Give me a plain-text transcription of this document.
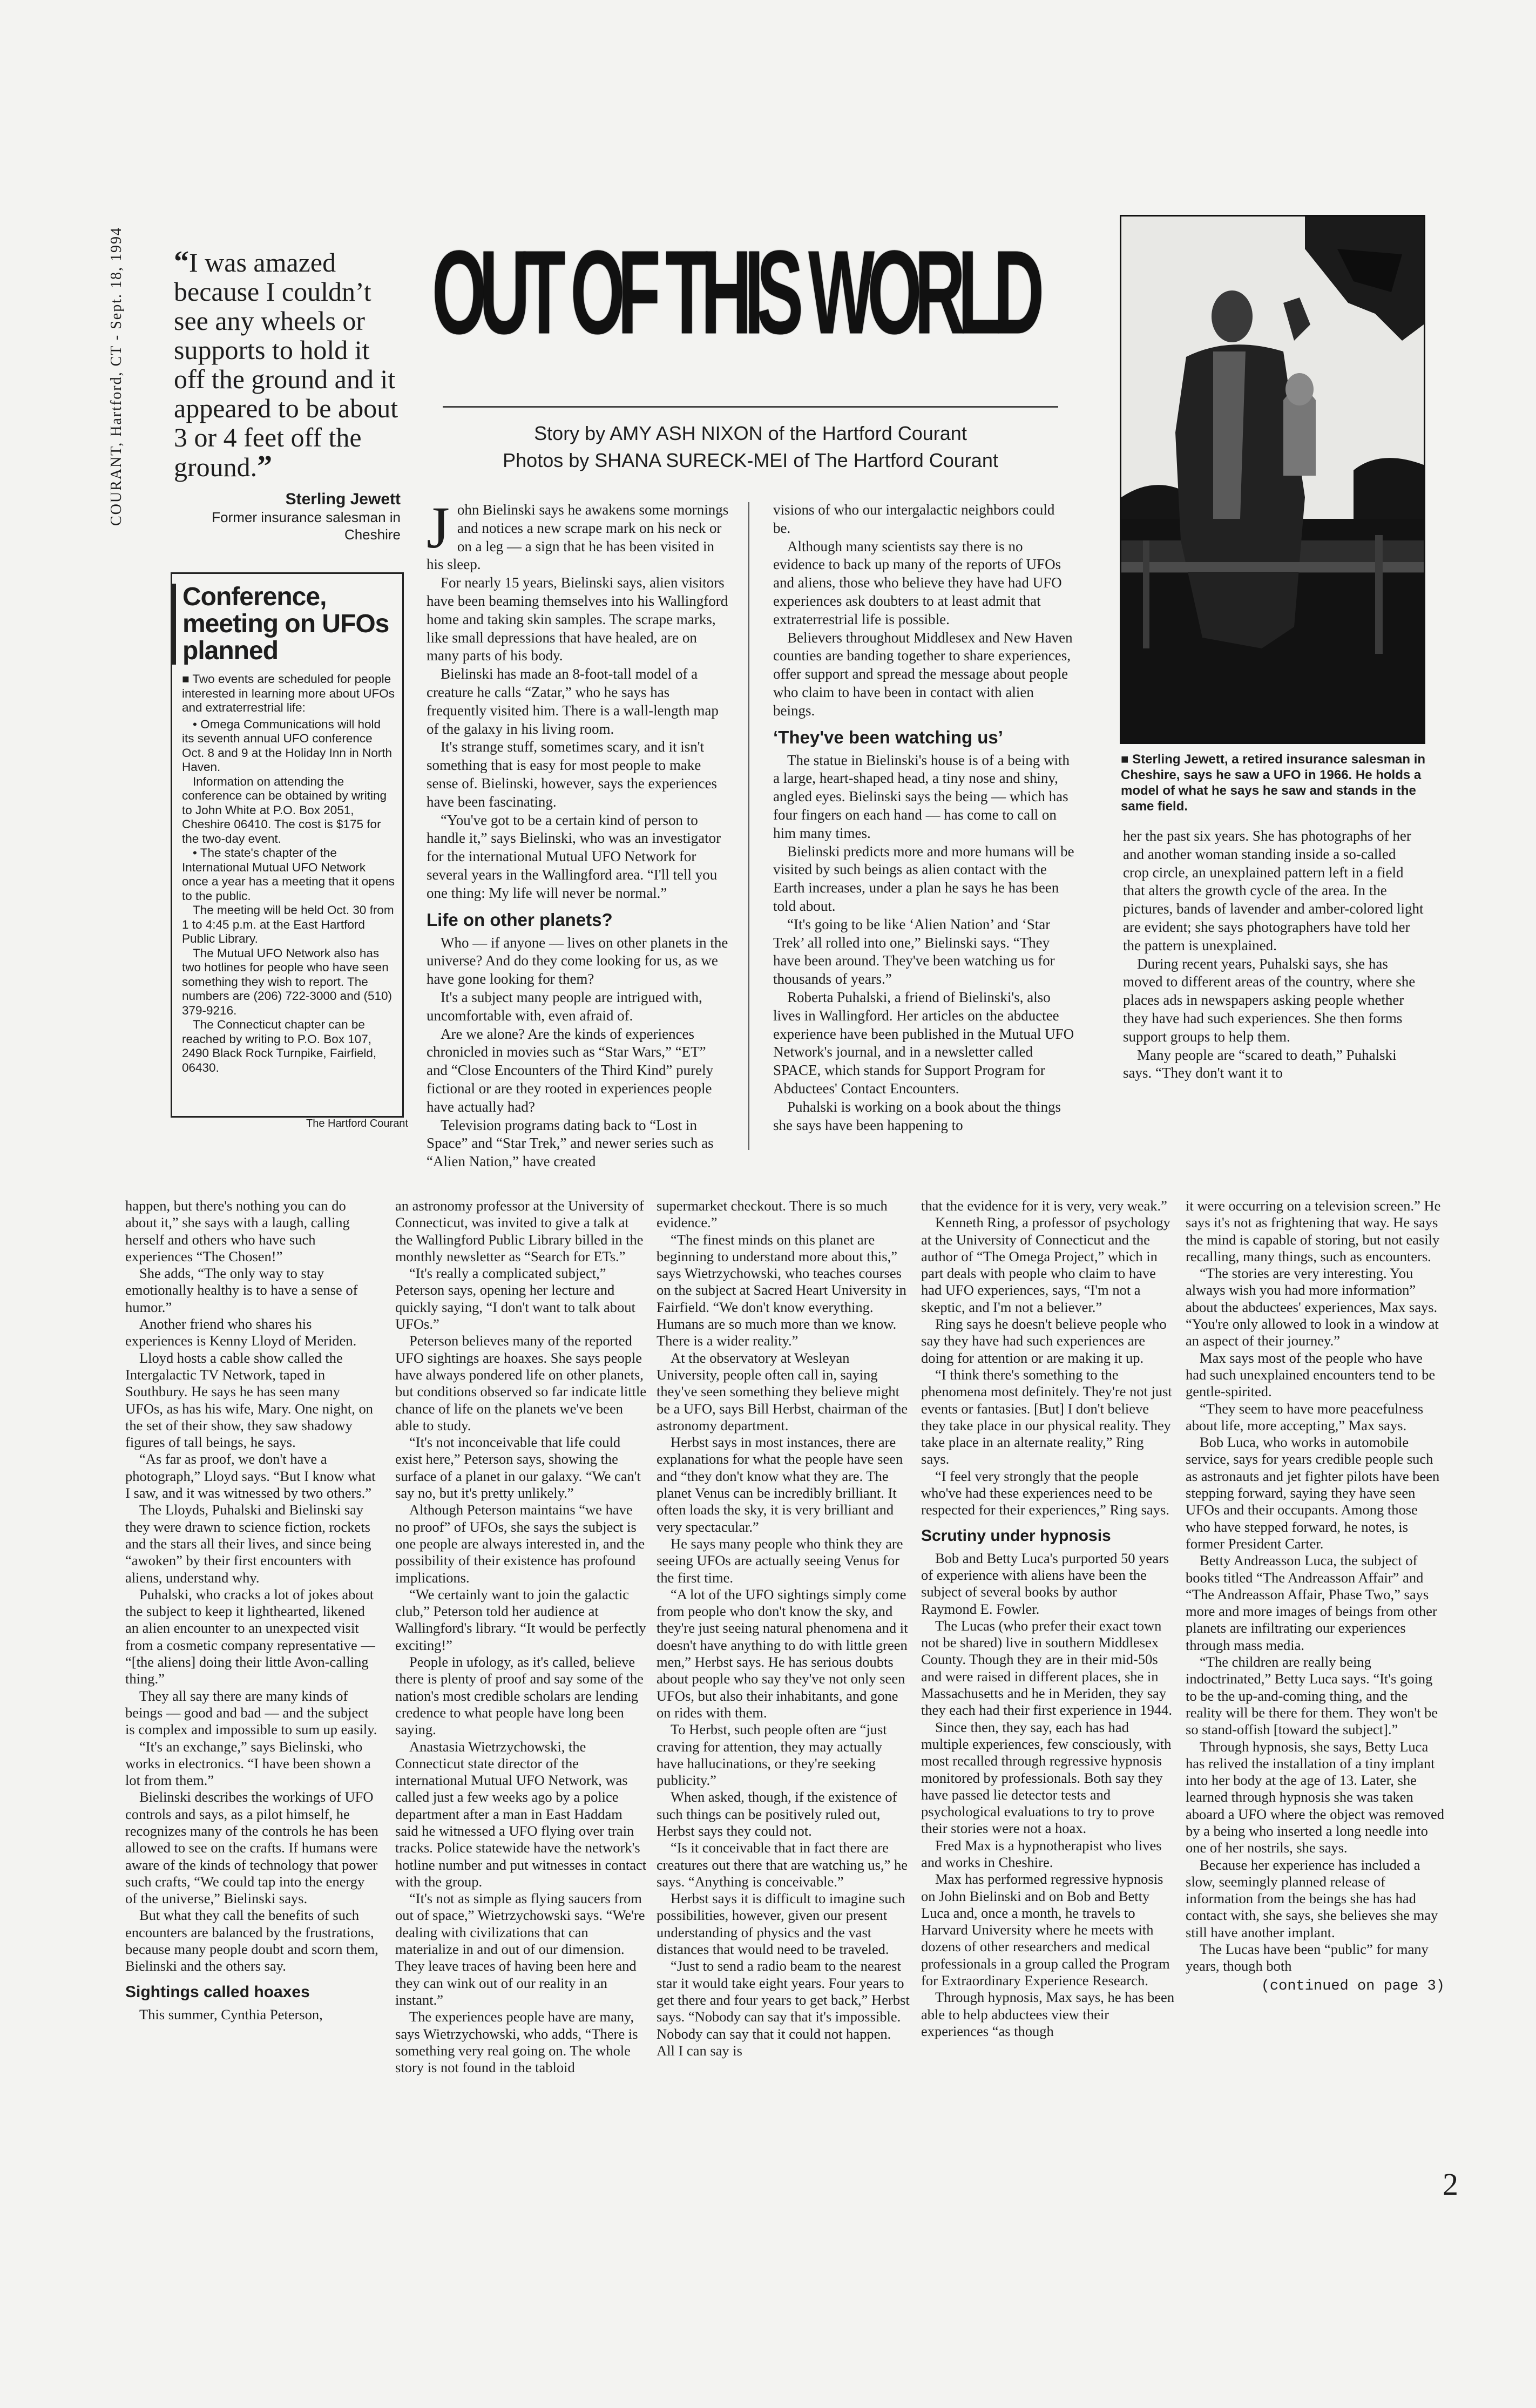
COURANT, Hartford, CT - Sept. 18, 1994 “I was amazed because I couldn’t see any wheels or supports to hold it off the ground and it appeared to be about 3 or 4 feet off the ground.”
Sterling Jewett
Former insurance salesman in Cheshire
Conference, meeting on UFOs planned

■ Two events are scheduled for people interested in learning more about UFOs and extraterrestrial life:

• Omega Communications will hold its seventh annual UFO conference Oct. 8 and 9 at the Holiday Inn in North Haven.

Information on attending the conference can be obtained by writing to John White at P.O. Box 2051, Cheshire 06410. The cost is $175 for the two-day event.

• The state's chapter of the International Mutual UFO Network once a year has a meeting that it opens to the public.

The meeting will be held Oct. 30 from 1 to 4:45 p.m. at the East Hartford Public Library.

The Mutual UFO Network also has two hotlines for people who have seen something they wish to report. The numbers are (206) 722-3000 and (510) 379-9216.

The Connecticut chapter can be reached by writing to P.O. Box 107, 2490 Black Rock Turnpike, Fairfield, 06430.

The Hartford Courant
OUT OF THIS WORLD
Story by AMY ASH NIXON of the Hartford Courant
Photos by SHANA SURECK-MEI of The Hartford Courant
■ Sterling Jewett, a retired insurance salesman in Cheshire, says he saw a UFO in 1966. He holds a model of what he says he saw and stands in the same field.

John Bielinski says he awakens some mornings and notices a new scrape mark on his neck or on a leg — a sign that he has been visited in his sleep.

For nearly 15 years, Bielinski says, alien visitors have been beaming themselves into his Wallingford home and taking skin samples. The scrape marks, like small depressions that have healed, are on many parts of his body.

Bielinski has made an 8-foot-tall model of a creature he calls “Zatar,” who he says has frequently visited him. There is a wall-length map of the galaxy in his living room.

It's strange stuff, sometimes scary, and it isn't something that is easy for most people to make sense of. Bielinski, however, says the experiences have been fascinating.

“You've got to be a certain kind of person to handle it,” says Bielinski, who was an investigator for the international Mutual UFO Network for several years in the Wallingford area. “I'll tell you one thing: My life will never be normal.”

Life on other planets?

Who — if anyone — lives on other planets in the universe? And do they come looking for us, as we have gone looking for them?

It's a subject many people are intrigued with, uncomfortable with, even afraid of.

Are we alone? Are the kinds of experiences chronicled in movies such as “Star Wars,” “ET” and “Close Encounters of the Third Kind” purely fictional or are they rooted in experiences people have actually had?

Television programs dating back to “Lost in Space” and “Star Trek,” and newer series such as “Alien Nation,” have created

visions of who our intergalactic neighbors could be.

Although many scientists say there is no evidence to back up many of the reports of UFOs and aliens, those who believe they have had UFO experiences ask doubters to at least admit that extraterrestrial life is possible.

Believers throughout Middlesex and New Haven counties are banding together to share experiences, offer support and spread the message about people who claim to have been in contact with alien beings.

‘They've been watching us’

The statue in Bielinski's house is of a being with a large, heart-shaped head, a tiny nose and shiny, angled eyes. Bielinski says the being — which has four fingers on each hand — has come to call on him many times.

Bielinski predicts more and more humans will be visited by such beings as alien contact with the Earth increases, under a plan he says he has been told about.

“It's going to be like ‘Alien Nation’ and ‘Star Trek’ all rolled into one,” Bielinski says. “They have been around. They've been watching us for thousands of years.”

Roberta Puhalski, a friend of Bielinski's, also lives in Wallingford. Her articles on the abductee experience have been published in the Mutual UFO Network's journal, and in a newsletter called SPACE, which stands for Support Program for Abductees' Contact Encounters.

Puhalski is working on a book about the things she says have been happening to

her the past six years. She has photographs of her and another woman standing inside a so-called crop circle, an unexplained pattern left in a field that alters the growth cycle of the area. In the pictures, bands of lavender and amber-colored light are evident; she says photographers have told her the pattern is unexplained.

During recent years, Puhalski says, she has moved to different areas of the country, where she places ads in newspapers asking people whether they have had such experiences. She then forms support groups to help them.

Many people are “scared to death,” Puhalski says. “They don't want it to

happen, but there's nothing you can do about it,” she says with a laugh, calling herself and others who have such experiences “The Chosen!”

She adds, “The only way to stay emotionally healthy is to have a sense of humor.”

Another friend who shares his experiences is Kenny Lloyd of Meriden.

Lloyd hosts a cable show called the Intergalactic TV Network, taped in Southbury. He says he has seen many UFOs, as has his wife, Mary. One night, on the set of their show, they saw shadowy figures of tall beings, he says.

“As far as proof, we don't have a photograph,” Lloyd says. “But I know what I saw, and it was witnessed by two others.”

The Lloyds, Puhalski and Bielinski say they were drawn to science fiction, rockets and the stars all their lives, and since being “awoken” by their first encounters with aliens, understand why.

Puhalski, who cracks a lot of jokes about the subject to keep it lighthearted, likened an alien encounter to an unexpected visit from a cosmetic company representative — “[the aliens] doing their little Avon-calling thing.”

They all say there are many kinds of beings — good and bad — and the subject is complex and impossible to sum up easily.

“It's an exchange,” says Bielinski, who works in electronics. “I have been shown a lot from them.”

Bielinski describes the workings of UFO controls and says, as a pilot himself, he recognizes many of the controls he has been allowed to see on the crafts. If humans were aware of the kinds of technology that power such crafts, “We could tap into the energy of the universe,” Bielinski says.

But what they call the benefits of such encounters are balanced by the frustrations, because many people doubt and scorn them, Bielinski and the others say.

Sightings called hoaxes

This summer, Cynthia Peterson,

an astronomy professor at the University of Connecticut, was invited to give a talk at the Wallingford Public Library billed in the monthly newsletter as “Search for ETs.”

“It's really a complicated subject,” Peterson says, opening her lecture and quickly saying, “I don't want to talk about UFOs.”

Peterson believes many of the reported UFO sightings are hoaxes. She says people have always pondered life on other planets, but conditions observed so far indicate little chance of life on the planets we've been able to study.

“It's not inconceivable that life could exist here,” Peterson says, showing the surface of a planet in our galaxy. “We can't say no, but it's pretty unlikely.”

Although Peterson maintains “we have no proof” of UFOs, she says the subject is one people are always interested in, and the possibility of their existence has profound implications.

“We certainly want to join the galactic club,” Peterson told her audience at Wallingford's library. “It would be perfectly exciting!”

People in ufology, as it's called, believe there is plenty of proof and say some of the nation's most credible scholars are lending credence to what people have long been saying.

Anastasia Wietrzychowski, the Connecticut state director of the international Mutual UFO Network, was called just a few weeks ago by a police department after a man in East Haddam said he witnessed a UFO flying over train tracks. Police statewide have the network's hotline number and put witnesses in contact with the group.

“It's not as simple as flying saucers from out of space,” Wietrzychowski says. “We're dealing with civilizations that can materialize in and out of our dimension. They leave traces of having been here and they can wink out of our reality in an instant.”

The experiences people have are many, says Wietrzychowski, who adds, “There is something very real going on. The whole story is not found in the tabloid

supermarket checkout. There is so much evidence.”

“The finest minds on this planet are beginning to understand more about this,” says Wietrzychowski, who teaches courses on the subject at Sacred Heart University in Fairfield. “We don't know everything. Humans are so much more than we know. There is a wider reality.”

At the observatory at Wesleyan University, people often call in, saying they've seen something they believe might be a UFO, says Bill Herbst, chairman of the astronomy department.

Herbst says in most instances, there are explanations for what the people have seen and “they don't know what they are. The planet Venus can be incredibly brilliant. It often loads the sky, it is very brilliant and very spectacular.”

He says many people who think they are seeing UFOs are actually seeing Venus for the first time.

“A lot of the UFO sightings simply come from people who don't know the sky, and they're just seeing natural phenomena and it doesn't have anything to do with little green men,” Herbst says. He has serious doubts about people who say they've not only seen UFOs, but also their inhabitants, and gone on rides with them.

To Herbst, such people often are “just craving for attention, they may actually have hallucinations, or they're seeking publicity.”

When asked, though, if the existence of such things can be positively ruled out, Herbst says they could not.

“Is it conceivable that in fact there are creatures out there that are watching us,” he says. “Anything is conceivable.”

Herbst says it is difficult to imagine such possibilities, however, given our present understanding of physics and the vast distances that would need to be traveled.

“Just to send a radio beam to the nearest star it would take eight years. Four years to get there and four years to get back,” Herbst says. “Nobody can say that it's impossible. Nobody can say that it could not happen. All I can say is

that the evidence for it is very, very weak.”

Kenneth Ring, a professor of psychology at the University of Connecticut and the author of “The Omega Project,” which in part deals with people who claim to have had UFO experiences, says, “I'm not a skeptic, and I'm not a believer.”

Ring says he doesn't believe people who say they have had such experiences are doing for attention or are making it up.

“I think there's something to the phenomena most definitely. They're not just events or fantasies. [But] I don't believe they take place in our physical reality. They take place in an alternate reality,” Ring says.

“I feel very strongly that the people who've had these experiences need to be respected for their experiences,” Ring says.

Scrutiny under hypnosis

Bob and Betty Luca's purported 50 years of experience with aliens have been the subject of several books by author Raymond E. Fowler.

The Lucas (who prefer their exact town not be shared) live in southern Middlesex County. Though they are in their mid-50s and were raised in different places, she in Massachusetts and he in Meriden, they say they each had their first experience in 1944.

Since then, they say, each has had multiple experiences, few consciously, with most recalled through regressive hypnosis monitored by professionals. Both say they have passed lie detector tests and psychological evaluations to try to prove their stories were not a hoax.

Fred Max is a hypnotherapist who lives and works in Cheshire.

Max has performed regressive hypnosis on John Bielinski and on Bob and Betty Luca and, once a month, he travels to Harvard University where he meets with dozens of other researchers and medical professionals in a group called the Program for Extraordinary Experience Research.

Through hypnosis, Max says, he has been able to help abductees view their experiences “as though

it were occurring on a television screen.” He says it's not as frightening that way. He says the mind is capable of storing, but not easily recalling, many things, such as encounters.

“The stories are very interesting. You always wish you had more information” about the abductees' experiences, Max says. “You're only allowed to look in a window at an aspect of their journey.”

Max says most of the people who have had such unexplained encounters tend to be gentle-spirited.

“They seem to have more peacefulness about life, more accepting,” Max says.

Bob Luca, who works in automobile service, says for years credible people such as astronauts and jet fighter pilots have been stepping forward, saying they have seen UFOs and their occupants. Among those who have stepped forward, he notes, is former President Carter.

Betty Andreasson Luca, the subject of books titled “The Andreasson Affair” and “The Andreasson Affair, Phase Two,” says more and more images of beings from other planets are infiltrating our experiences through mass media.

“The children are really being indoctrinated,” Betty Luca says. “It's going to be the up-and-coming thing, and the reality will be there for them. They won't be so stand-offish [toward the subject].”

Through hypnosis, she says, Betty Luca has relived the installation of a tiny implant into her body at the age of 13. Later, she learned through hypnosis she was taken aboard a UFO where the object was removed by a being who inserted a long needle into one of her nostrils, she says.

Because her experience has included a slow, seemingly planned release of information from the beings she has had contact with, she says, she believes she may still have another implant.

The Lucas have been “public” for many years, though both

(continued on page 3)
2
